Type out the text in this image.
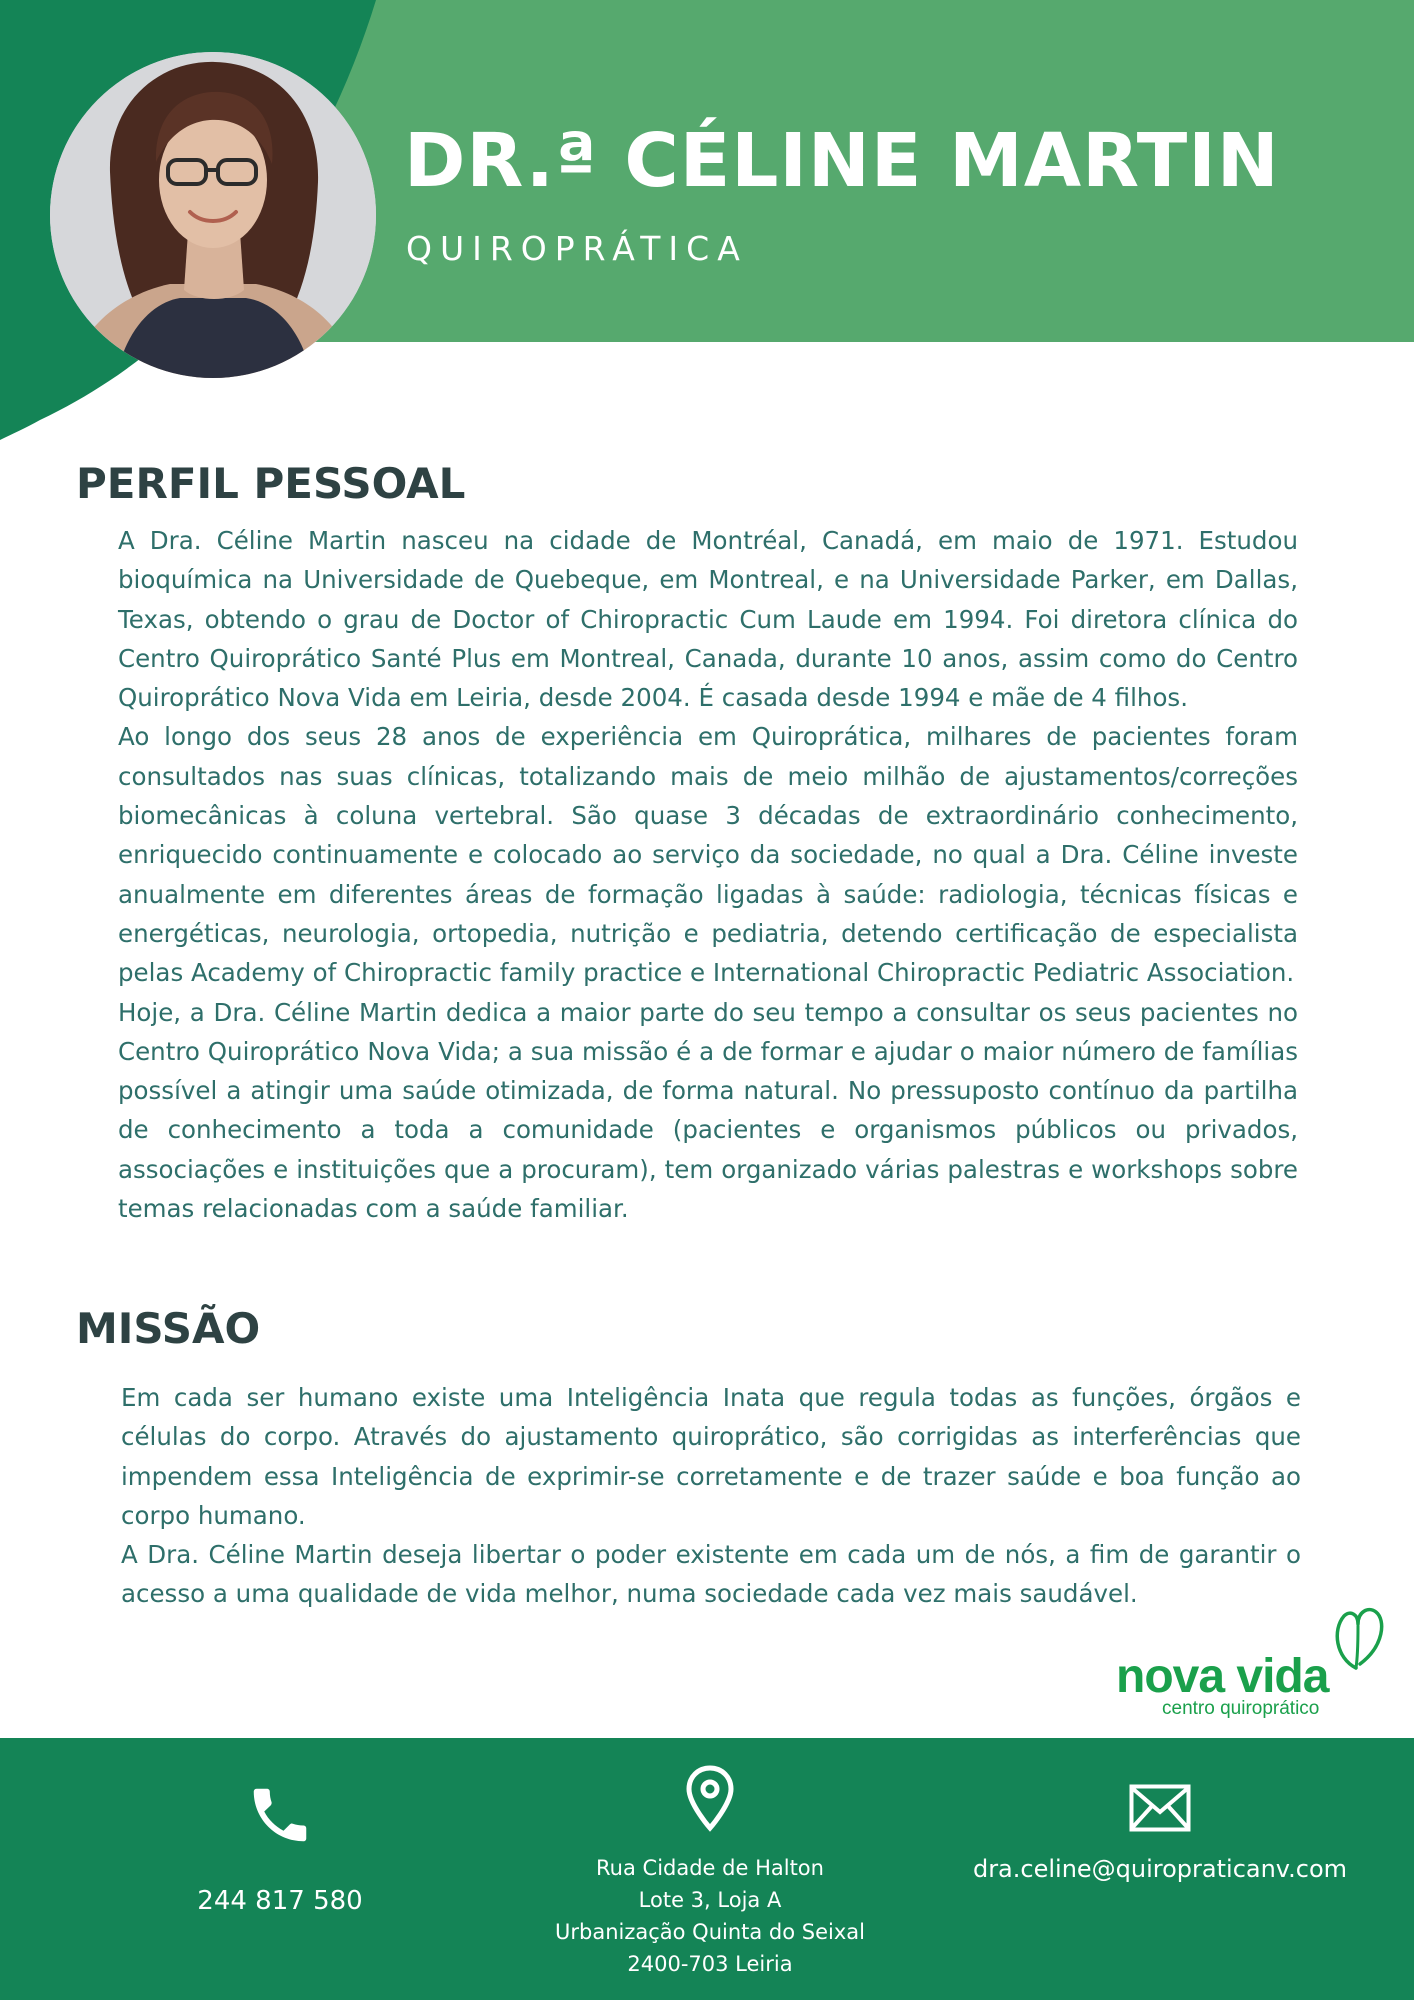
DR.ª CÉLINE MARTIN
QUIROPRÁTICA
PERFIL PESSOAL

A Dra. Céline Martin nasceu na cidade de Montréal, Canadá, em maio de 1971. Estudou bioquímica na Universidade de Quebeque, em Montreal, e na Universidade Parker, em Dallas, Texas, obtendo o grau de Doctor of Chiropractic Cum Laude em 1994. Foi diretora clínica do Centro Quiroprático Santé Plus em Montreal, Canada, durante 10 anos, assim como do Centro Quiroprático Nova Vida em Leiria, desde 2004. É casada desde 1994 e mãe de 4 filhos.

Ao longo dos seus 28 anos de experiência em Quiroprática, milhares de pacientes foram consultados nas suas clínicas, totalizando mais de meio milhão de ajustamentos/correções biomecânicas à coluna vertebral. São quase 3 décadas de extraordinário conhecimento, enriquecido continuamente e colocado ao serviço da sociedade, no qual a Dra. Céline investe anualmente em diferentes áreas de formação ligadas à saúde: radiologia, técnicas físicas e energéticas, neurologia, ortopedia, nutrição e pediatria, detendo certificação de especialista pelas Academy of Chiropractic family practice e International Chiropractic Pediatric Association.

Hoje, a Dra. Céline Martin dedica a maior parte do seu tempo a consultar os seus pacientes no Centro Quiroprático Nova Vida; a sua missão é a de formar e ajudar o maior número de famílias possível a atingir uma saúde otimizada, de forma natural. No pressuposto contínuo da partilha de conhecimento a toda a comunidade (pacientes e organismos públicos ou privados, associações e instituições que a procuram), tem organizado várias palestras e workshops sobre temas relacionadas com a saúde familiar.

MISSÃO

Em cada ser humano existe uma Inteligência Inata que regula todas as funções, órgãos e células do corpo. Através do ajustamento quiroprático, são corrigidas as interferências que impendem essa Inteligência de exprimir-se corretamente e de trazer saúde e boa função ao corpo humano.

A Dra. Céline Martin deseja libertar o poder existente em cada um de nós, a fim de garantir o acesso a uma qualidade de vida melhor, numa sociedade cada vez mais saudável.

nova vida
centro quiroprático
244 817 580
Rua Cidade de Halton
Lote 3, Loja A
Urbanização Quinta do Seixal
2400-703 Leiria
dra.celine@quiropraticanv.com
